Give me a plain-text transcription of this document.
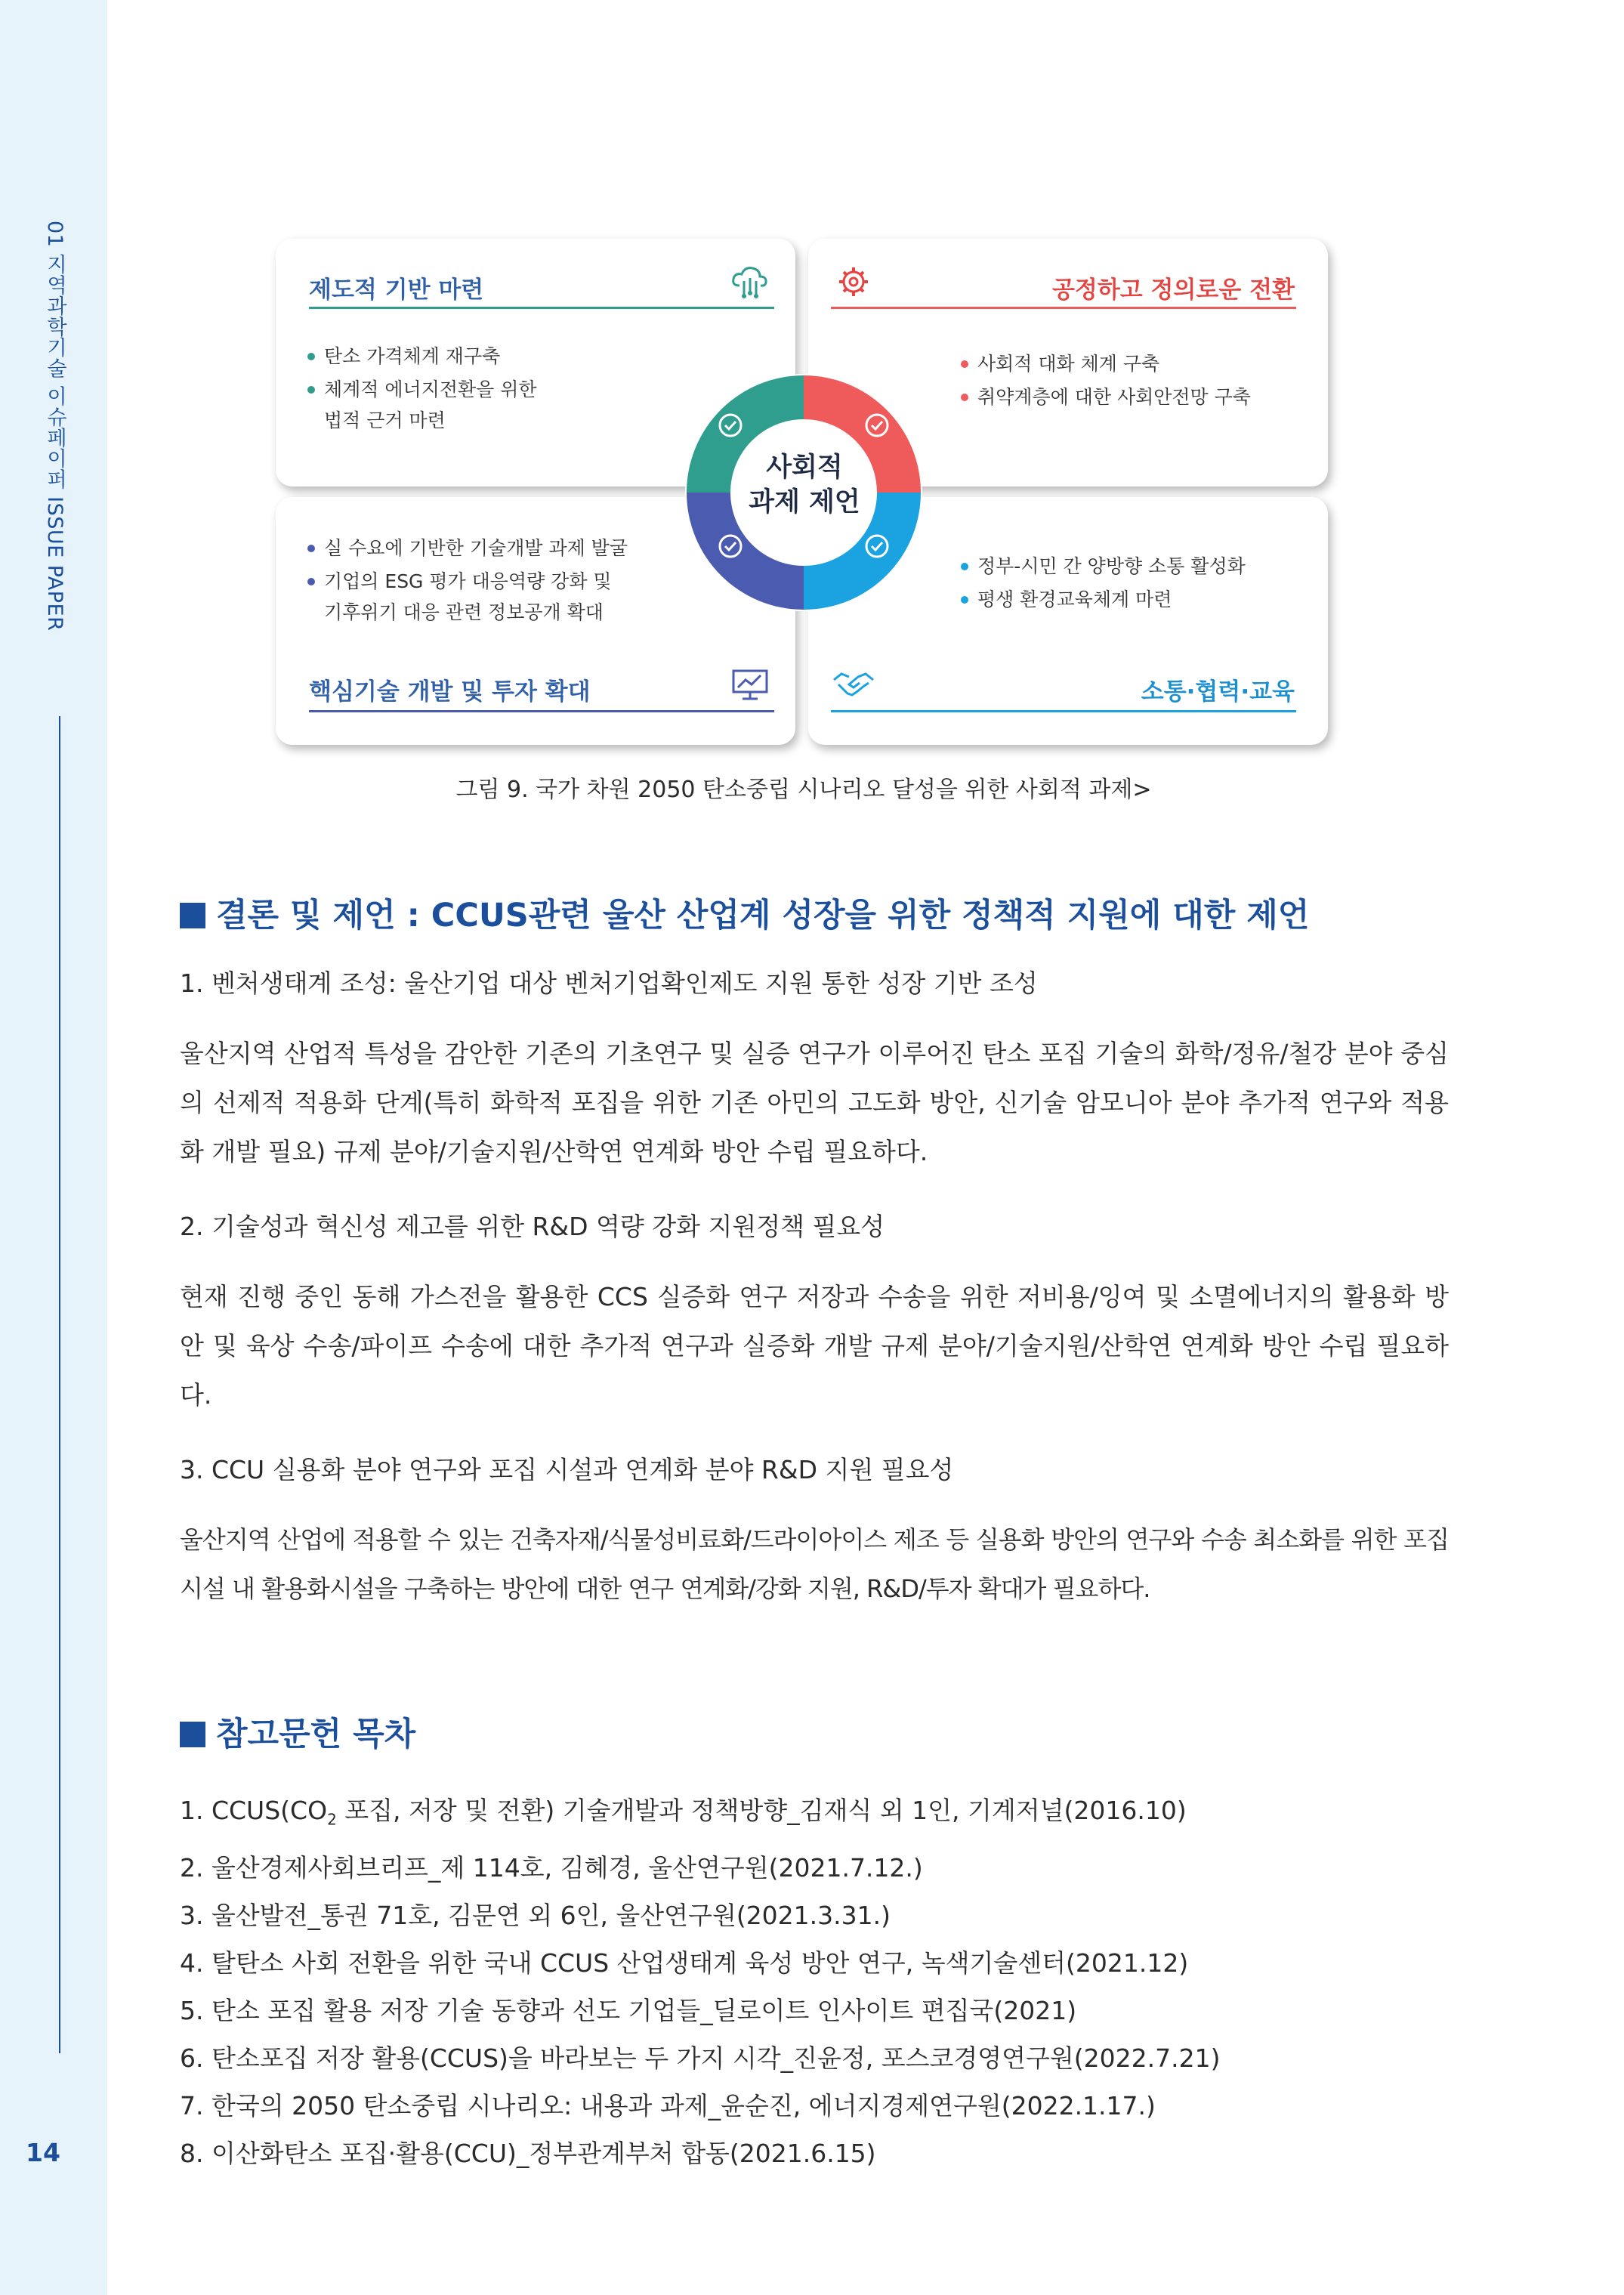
01 지역과학기술 이슈페이퍼 ISSUE PAPER
14
제도적 기반 마련
탄소 가격체계 재구축
체계적 에너지전환을 위한
법적 근거 마련
공정하고 정의로운 전환
사회적 대화 체계 구축
취약계층에 대한 사회안전망 구축
실 수요에 기반한 기술개발 과제 발굴
기업의 ESG 평가 대응역량 강화 및
기후위기 대응 관련 정보공개 확대
핵심기술 개발 및 투자 확대
정부-시민 간 양방향 소통 활성화
평생 환경교육체계 마련
소통·협력·교육
사회적
과제 제언
그림 9. 국가 차원 2050 탄소중립 시나리오 달성을 위한 사회적 과제>
결론 및 제언 : CCUS관련 울산 산업계 성장을 위한 정책적 지원에 대한 제언
1. 벤처생태계 조성: 울산기업 대상 벤처기업확인제도 지원 통한 성장 기반 조성
울산지역 산업적 특성을 감안한 기존의 기초연구 및 실증 연구가 이루어진 탄소 포집 기술의 화학/정유/철강 분야 중심의 선제적 적용화 단계(특히 화학적 포집을 위한 기존 아민의 고도화 방안, 신기술 암모니아 분야 추가적 연구와 적용화 개발 필요) 규제 분야/기술지원/산학연 연계화 방안 수립 필요하다.
2. 기술성과 혁신성 제고를 위한 R&D 역량 강화 지원정책 필요성
현재 진행 중인 동해 가스전을 활용한 CCS 실증화 연구 저장과 수송을 위한 저비용/잉여 및 소멸에너지의 활용화 방안 및 육상 수송/파이프 수송에 대한 추가적 연구과 실증화 개발 규제 분야/기술지원/산학연 연계화 방안 수립 필요하다.
3. CCU 실용화 분야 연구와 포집 시설과 연계화 분야 R&D 지원 필요성
울산지역 산업에 적용할 수 있는 건축자재/식물성비료화/드라이아이스 제조 등 실용화 방안의 연구와 수송 최소화를 위한 포집 시설 내 활용화시설을 구축하는 방안에 대한 연구 연계화/강화 지원, R&D/투자 확대가 필요하다.
참고문헌 목차
1. $CCUS(CO_2$ 포집, 저장 및 전환) 기술개발과 정책방향_김재식 외 1인, 기계저널(2016.10)
2. 울산경제사회브리프_제 114호, 김혜경, 울산연구원(2021.7.12.)
3. 울산발전_통권 71호, 김문연 외 6인, 울산연구원(2021.3.31.)
4. 탈탄소 사회 전환을 위한 국내 CCUS 산업생태계 육성 방안 연구, 녹색기술센터(2021.12)
5. 탄소 포집 활용 저장 기술 동향과 선도 기업들_딜로이트 인사이트 편집국(2021)
6. 탄소포집 저장 활용(CCUS)을 바라보는 두 가지 시각_진윤정, 포스코경영연구원(2022.7.21)
7. 한국의 2050 탄소중립 시나리오: 내용과 과제_윤순진, 에너지경제연구원(2022.1.17.)
8. 이산화탄소 포집·활용(CCU)_정부관계부처 합동(2021.6.15)
